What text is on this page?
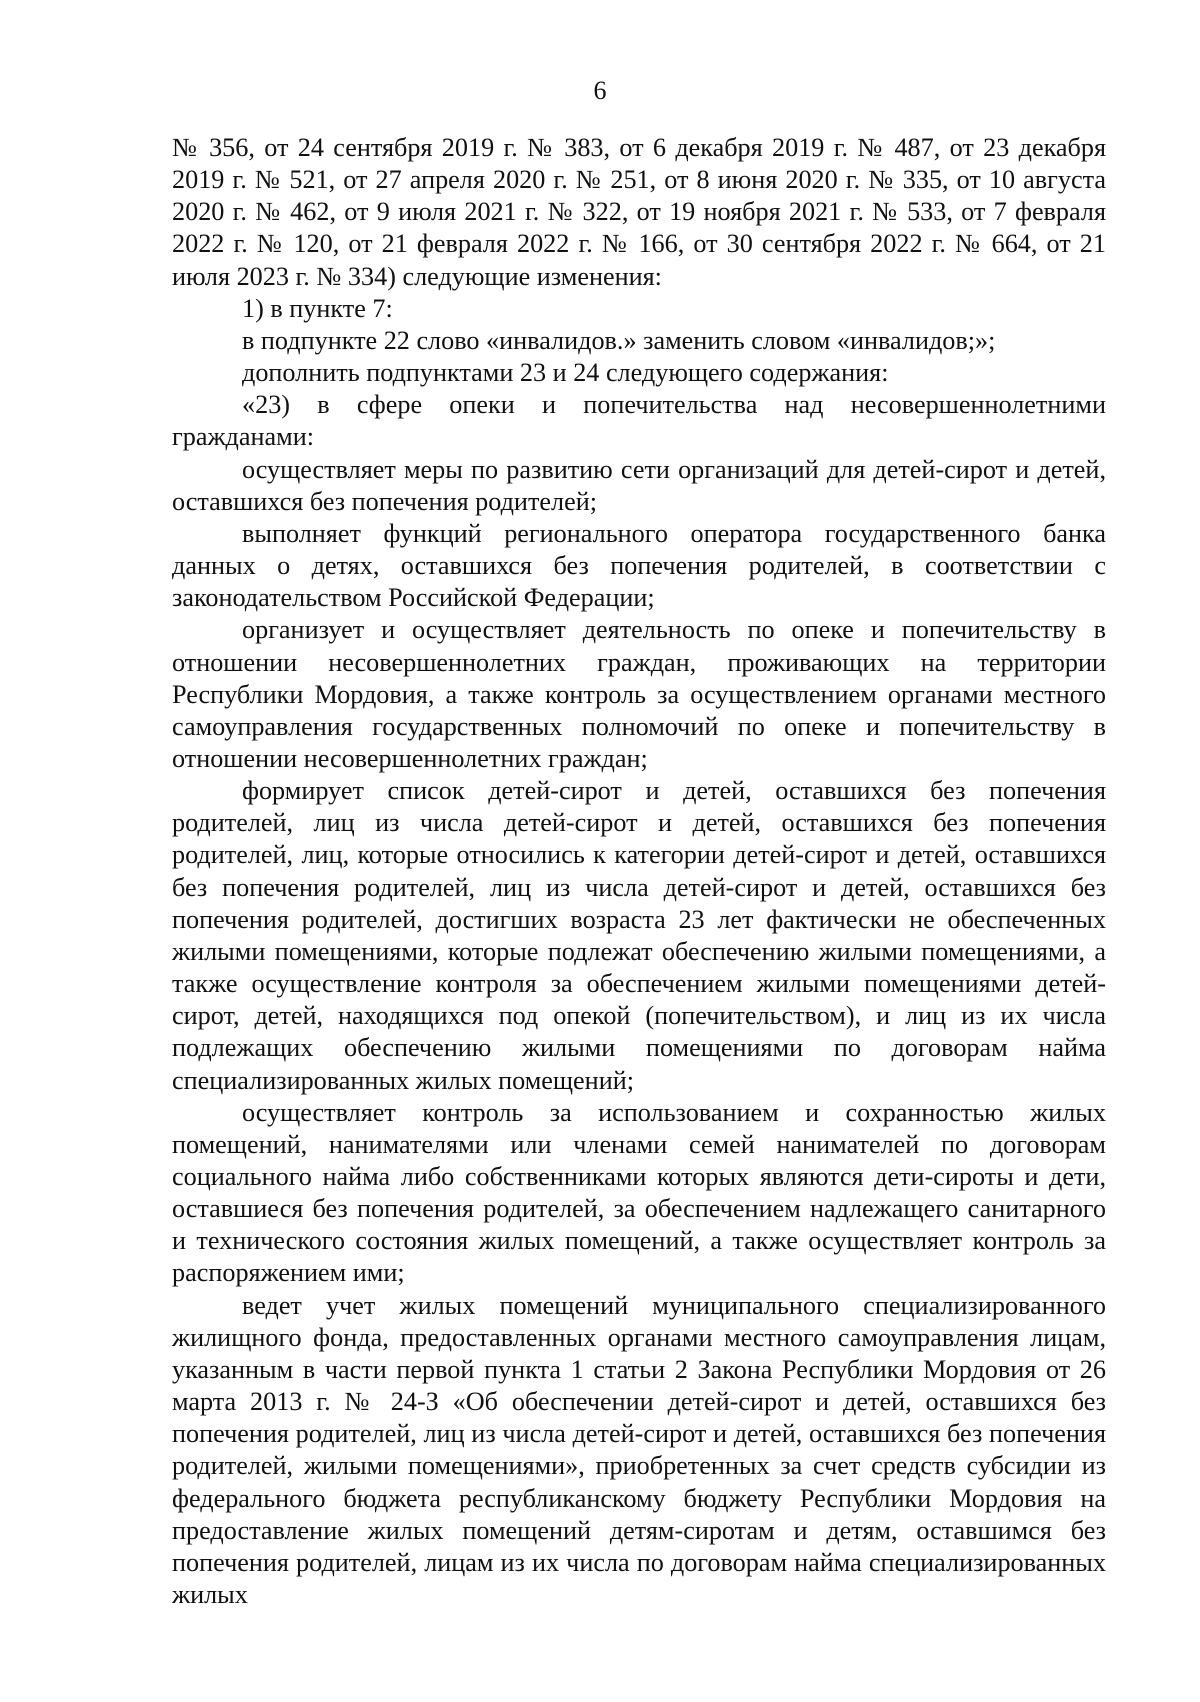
6

№ 356, от 24 сентября 2019 г. № 383, от 6 декабря 2019 г. № 487, от 23 декабря 2019 г. № 521, от 27 апреля 2020 г. № 251, от 8 июня 2020 г. № 335, от 10 августа 2020 г. № 462, от 9 июля 2021 г. № 322, от 19 ноября 2021 г. № 533, от 7 февраля 2022 г. № 120, от 21 февраля 2022 г. № 166, от 30 сентября 2022 г. № 664, от 21 июля 2023 г. № 334) следующие изменения:

1) в пункте 7:

в подпункте 22 слово «инвалидов.» заменить словом «инвалидов;»;

дополнить подпунктами 23 и 24 следующего содержания:

«23) в сфере опеки и попечительства над несовершеннолетними гражданами:

осуществляет меры по развитию сети организаций для детей-сирот и детей, оставшихся без попечения родителей;

выполняет функций регионального оператора государственного банка данных о детях, оставшихся без попечения родителей, в соответствии с законодательством Российской Федерации;

организует и осуществляет деятельность по опеке и попечительству в отношении несовершеннолетних граждан, проживающих на территории Республики Мордовия, а также контроль за осуществлением органами местного самоуправления государственных полномочий по опеке и попечительству в отношении несовершеннолетних граждан;

формирует список детей-сирот и детей, оставшихся без попечения родителей, лиц из числа детей-сирот и детей, оставшихся без попечения родителей, лиц, которые относились к категории детей-сирот и детей, оставшихся без попечения родителей, лиц из числа детей-сирот и детей, оставшихся без попечения родителей, достигших возраста 23 лет фактически не обеспеченных жилыми помещениями, которые подлежат обеспечению жилыми помещениями, а также осуществление контроля за обеспечением жилыми помещениями детей-сирот, детей, находящихся под опекой (попечительством), и лиц из их числа подлежащих обеспечению жилыми помещениями по договорам найма специализированных жилых помещений;

осуществляет контроль за использованием и сохранностью жилых помещений, нанимателями или членами семей нанимателей по договорам социального найма либо собственниками которых являются дети-сироты и дети, оставшиеся без попечения родителей, за обеспечением надлежащего санитарного и технического состояния жилых помещений, а также осуществляет контроль за распоряжением ими;

ведет учет жилых помещений муниципального специализированного жилищного фонда, предоставленных органами местного самоуправления лицам, указанным в части первой пункта 1 статьи 2 Закона Республики Мордовия от 26 марта 2013 г. № 24-З «Об обеспечении детей-сирот и детей, оставшихся без попечения родителей, лиц из числа детей-сирот и детей, оставшихся без попечения родителей, жилыми помещениями», приобретенных за счет средств субсидии из федерального бюджета республиканскому бюджету Республики Мордовия на предоставление жилых помещений детям-сиротам и детям, оставшимся без попечения родителей, лицам из их числа по договорам найма специализированных жилых
